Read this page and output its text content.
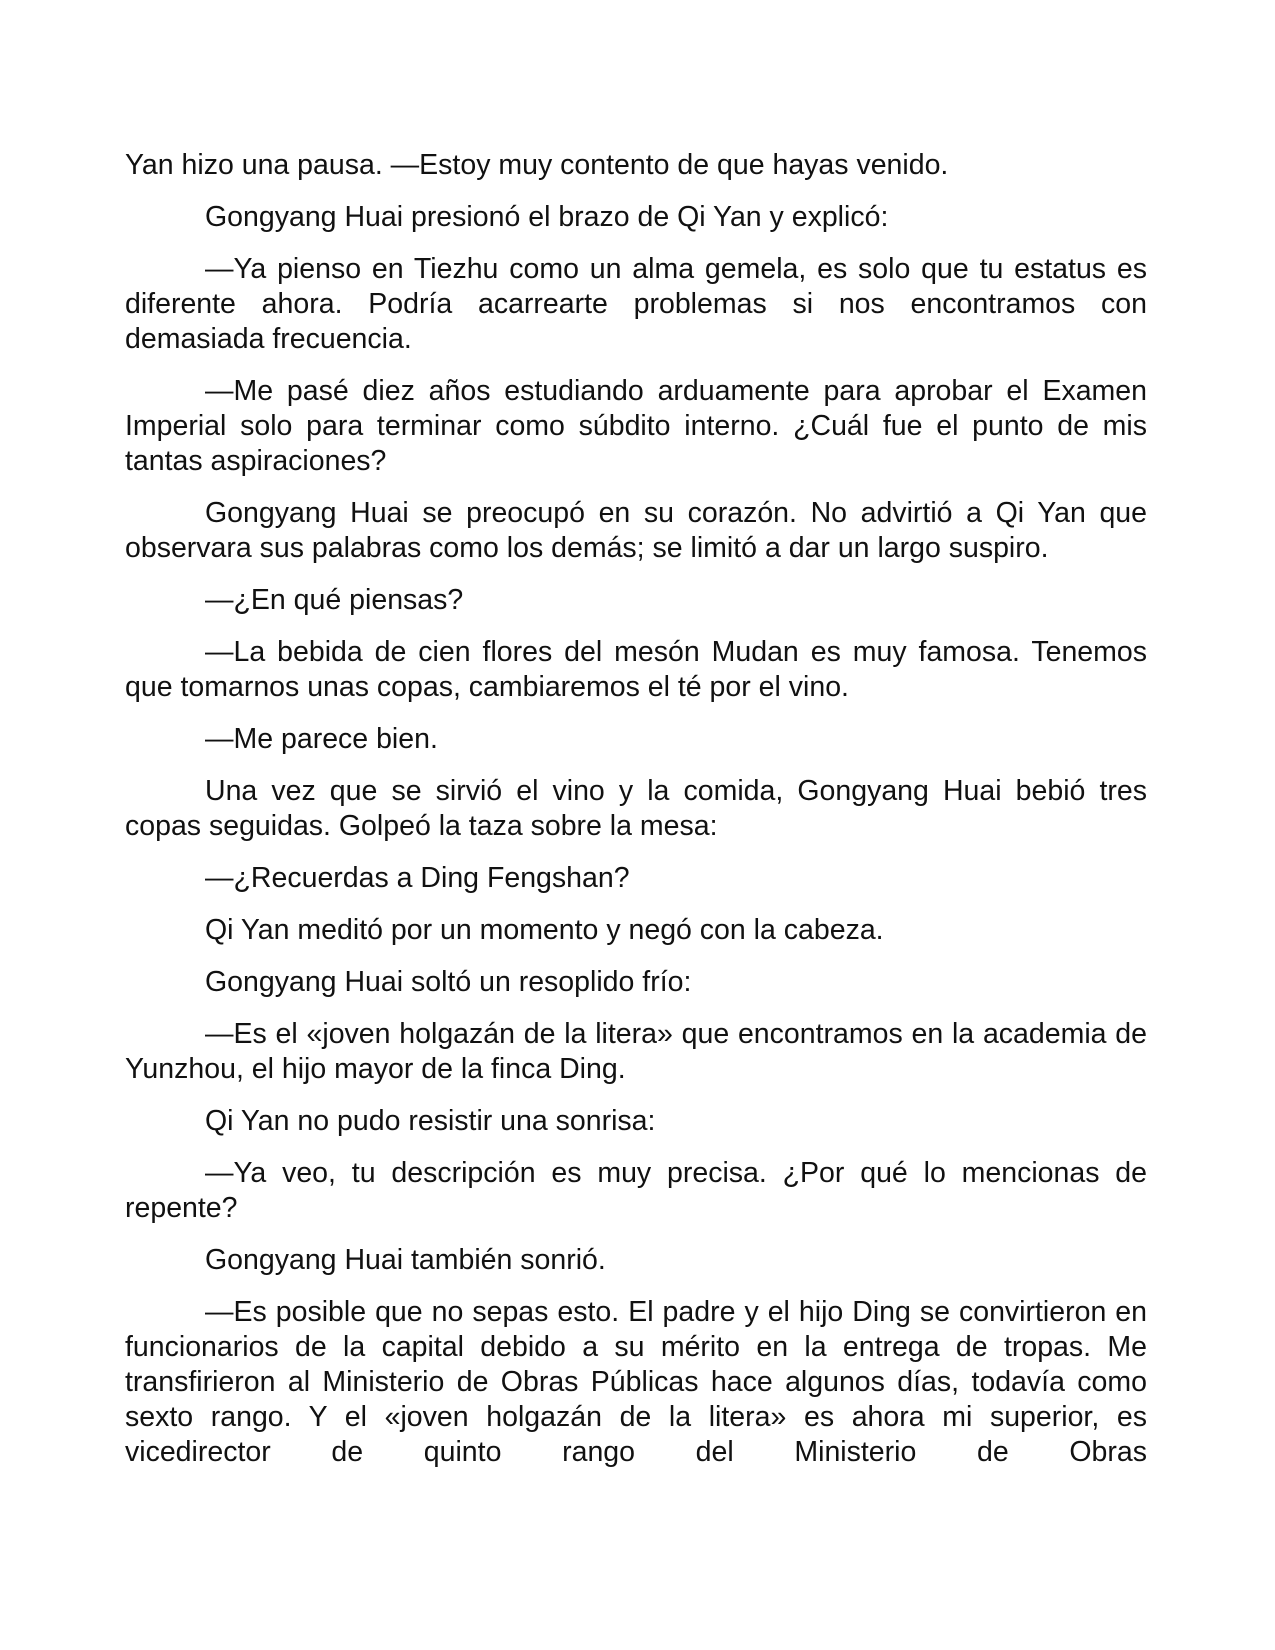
Yan hizo una pausa. —Estoy muy contento de que hayas venido.

Gongyang Huai presionó el brazo de Qi Yan y explicó:

—Ya pienso en Tiezhu como un alma gemela, es solo que tu estatus es diferente ahora. Podría acarrearte problemas si nos encontramos con demasiada frecuencia.

—Me pasé diez años estudiando arduamente para aprobar el Examen Imperial solo para terminar como súbdito interno. ¿Cuál fue el punto de mis tantas aspiraciones?

Gongyang Huai se preocupó en su corazón. No advirtió a Qi Yan que observara sus palabras como los demás; se limitó a dar un largo suspiro.

—¿En qué piensas?

—La bebida de cien flores del mesón Mudan es muy famosa. Tenemos que tomarnos unas copas, cambiaremos el té por el vino.

—Me parece bien.

Una vez que se sirvió el vino y la comida, Gongyang Huai bebió tres copas seguidas. Golpeó la taza sobre la mesa:

—¿Recuerdas a Ding Fengshan?

Qi Yan meditó por un momento y negó con la cabeza.

Gongyang Huai soltó un resoplido frío:

—Es el «joven holgazán de la litera» que encontramos en la academia de Yunzhou, el hijo mayor de la finca Ding.

Qi Yan no pudo resistir una sonrisa:

—Ya veo, tu descripción es muy precisa. ¿Por qué lo mencionas de repente?

Gongyang Huai también sonrió.

—Es posible que no sepas esto. El padre y el hijo Ding se convirtieron en funcionarios de la capital debido a su mérito en la entrega de tropas. Me transfirieron al Ministerio de Obras Públicas hace algunos días, todavía como sexto rango. Y el «joven holgazán de la litera» es ahora mi superior, es vicedirector de quinto rango del Ministerio de Obras
